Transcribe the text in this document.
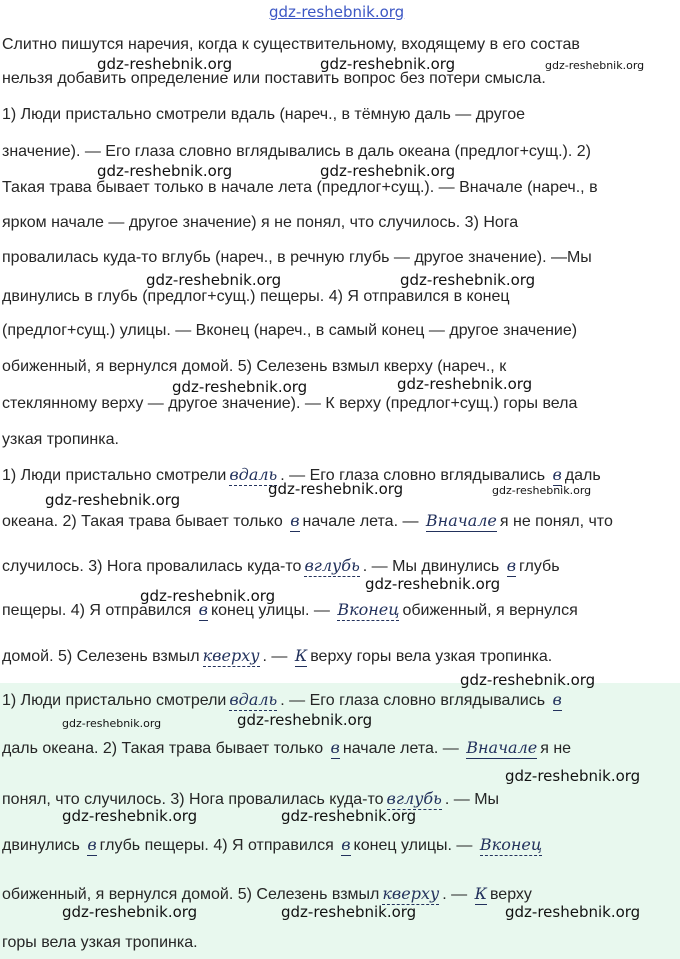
gdz-reshebnik.org
Слитно пишутся наречия, когда к существительному, входящему в его состав
нельзя добавить определение или поставить вопрос без потери смысла.
1) Люди пристально смотрели вдаль (нареч., в тёмную даль — другое
значение). — Его глаза словно вглядывались в даль океана (предлог+сущ.). 2)
Такая трава бывает только в начале лета (предлог+сущ.). — Вначале (нареч., в
ярком начале — другое значение) я не понял, что случилось. 3) Нога
провалилась куда-то вглубь (нареч., в речную глубь — другое значение). —Мы
двинулись в глубь (предлог+сущ.) пещеры. 4) Я отправился в конец
(предлог+сущ.) улицы. — Вконец (нареч., в самый конец — другое значение)
обиженный, я вернулся домой. 5) Селезень взмыл кверху (нареч., к
стеклянному верху — другое значение). — К верху (предлог+сущ.) горы вела
узкая тропинка.
1) Люди пристально смотрели вдаль . — Его глаза словно вглядывались в даль
океана. 2) Такая трава бывает только в начале лета. — Вначале я не понял, что
случилось. 3) Нога провалилась куда-то вглубь . — Мы двинулись в глубь
пещеры. 4) Я отправился в конец улицы. — Вконец обиженный, я вернулся
домой. 5) Селезень взмыл кверху . — К верху горы вела узкая тропинка.
1) Люди пристально смотрели вдаль . — Его глаза словно вглядывались в
даль океана. 2) Такая трава бывает только в начале лета. — Вначале я не
понял, что случилось. 3) Нога провалилась куда-то вглубь . — Мы
двинулись в глубь пещеры. 4) Я отправился в конец улицы. — Вконец
обиженный, я вернулся домой. 5) Селезень взмыл кверху . — К верху
горы вела узкая тропинка.
gdz-reshebnik.org	gdz-reshebnik.org	gdz-reshebnik.org
gdz-reshebnik.org	gdz-reshebnik.org
gdz-reshebnik.org	gdz-reshebnik.org
gdz-reshebnik.org	gdz-reshebnik.org
gdz-reshebnik.org
gdz-reshebnik.org	gdz-reshebnik.org
gdz-reshebnik.org
gdz-reshebnik.org
gdz-reshebnik.org
gdz-reshebnik.org	gdz-reshebnik.org
gdz-reshebnik.org
gdz-reshebnik.org	gdz-reshebnik.org
gdz-reshebnik.org	gdz-reshebnik.org	gdz-reshebnik.org
